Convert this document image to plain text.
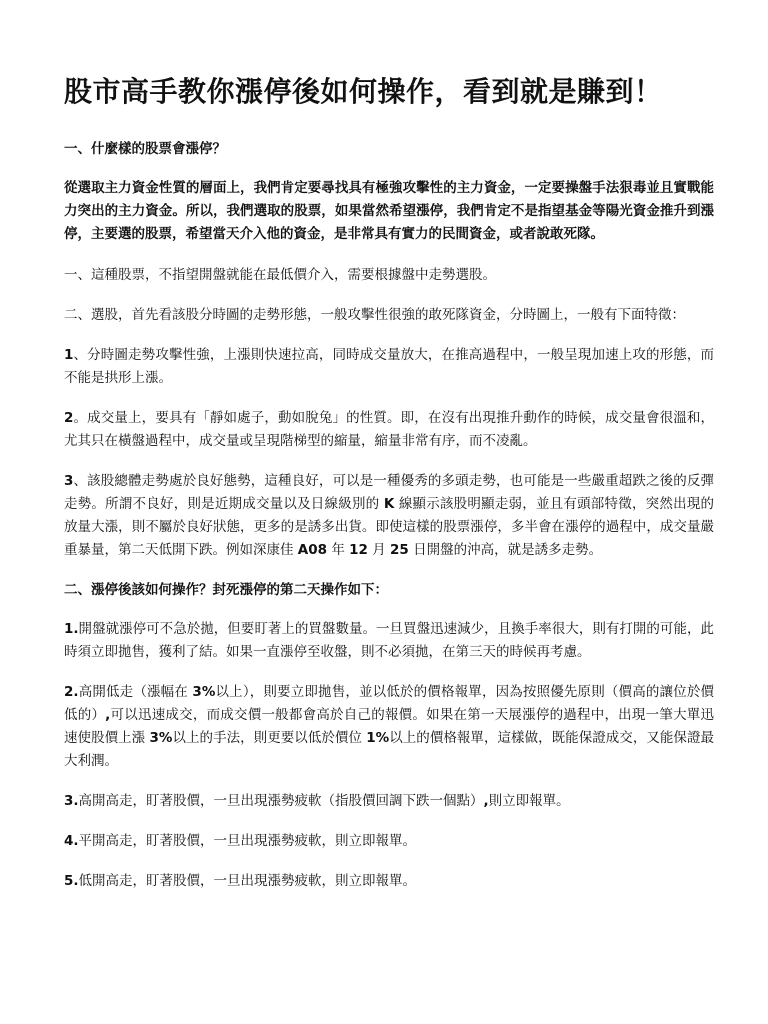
股市高手教你漲停後如何操作，看到就是賺到！
一、什麼樣的股票會漲停？

從選取主力資金性質的層面上，我們肯定要尋找具有極強攻擊性的主力資金，一定要操盤手法狠毒並且實戰能力突出的主力資金。所以，我們選取的股票，如果當然希望漲停，我們肯定不是指望基金等陽光資金推升到漲停，主要選的股票，希望當天介入他的資金，是非常具有實力的民間資金，或者說敢死隊。

一、這種股票，不指望開盤就能在最低價介入，需要根據盤中走勢選股。

二、選股，首先看該股分時圖的走勢形態，一般攻擊性很強的敢死隊資金，分時圖上，一般有下面特徵：

1、分時圖走勢攻擊性強，上漲則快速拉高，同時成交量放大，在推高過程中，一般呈現加速上攻的形態，而不能是拱形上漲。

2。成交量上，要具有「靜如處子，動如脫兔」的性質。即，在沒有出現推升動作的時候，成交量會很溫和，尤其只在橫盤過程中，成交量或呈現階梯型的縮量，縮量非常有序，而不凌亂。

3、該股總體走勢處於良好態勢，這種良好，可以是一種優秀的多頭走勢，也可能是一些嚴重超跌之後的反彈走勢。所謂不良好，則是近期成交量以及日線級別的 K 線顯示該股明顯走弱，並且有頭部特徵，突然出現的放量大漲，則不屬於良好狀態，更多的是誘多出貨。即使這樣的股票漲停，多半會在漲停的過程中，成交量嚴重暴量，第二天低開下跌。例如深康佳 A08 年 12 月 25 日開盤的沖高，就是誘多走勢。

二、漲停後該如何操作？封死漲停的第二天操作如下：

1.開盤就漲停可不急於拋，但要盯著上的買盤數量。一旦買盤迅速減少，且換手率很大，則有打開的可能，此時須立即拋售，獲利了結。如果一直漲停至收盤，則不必須拋，在第三天的時候再考慮。

2.高開低走（漲幅在 3%以上），則要立即拋售，並以低於的價格報單，因為按照優先原則（價高的讓位於價低的）,可以迅速成交，而成交價一般都會高於自己的報價。如果在第一天展漲停的過程中，出現一筆大單迅速使股價上漲 3%以上的手法，則更要以低於價位 1%以上的價格報單，這樣做，既能保證成交，又能保證最大利潤。

3.高開高走，盯著股價，一旦出現漲勢疲軟（指股價回調下跌一個點）,則立即報單。

4.平開高走，盯著股價，一旦出現漲勢疲軟，則立即報單。

5.低開高走，盯著股價，一旦出現漲勢疲軟，則立即報單。
